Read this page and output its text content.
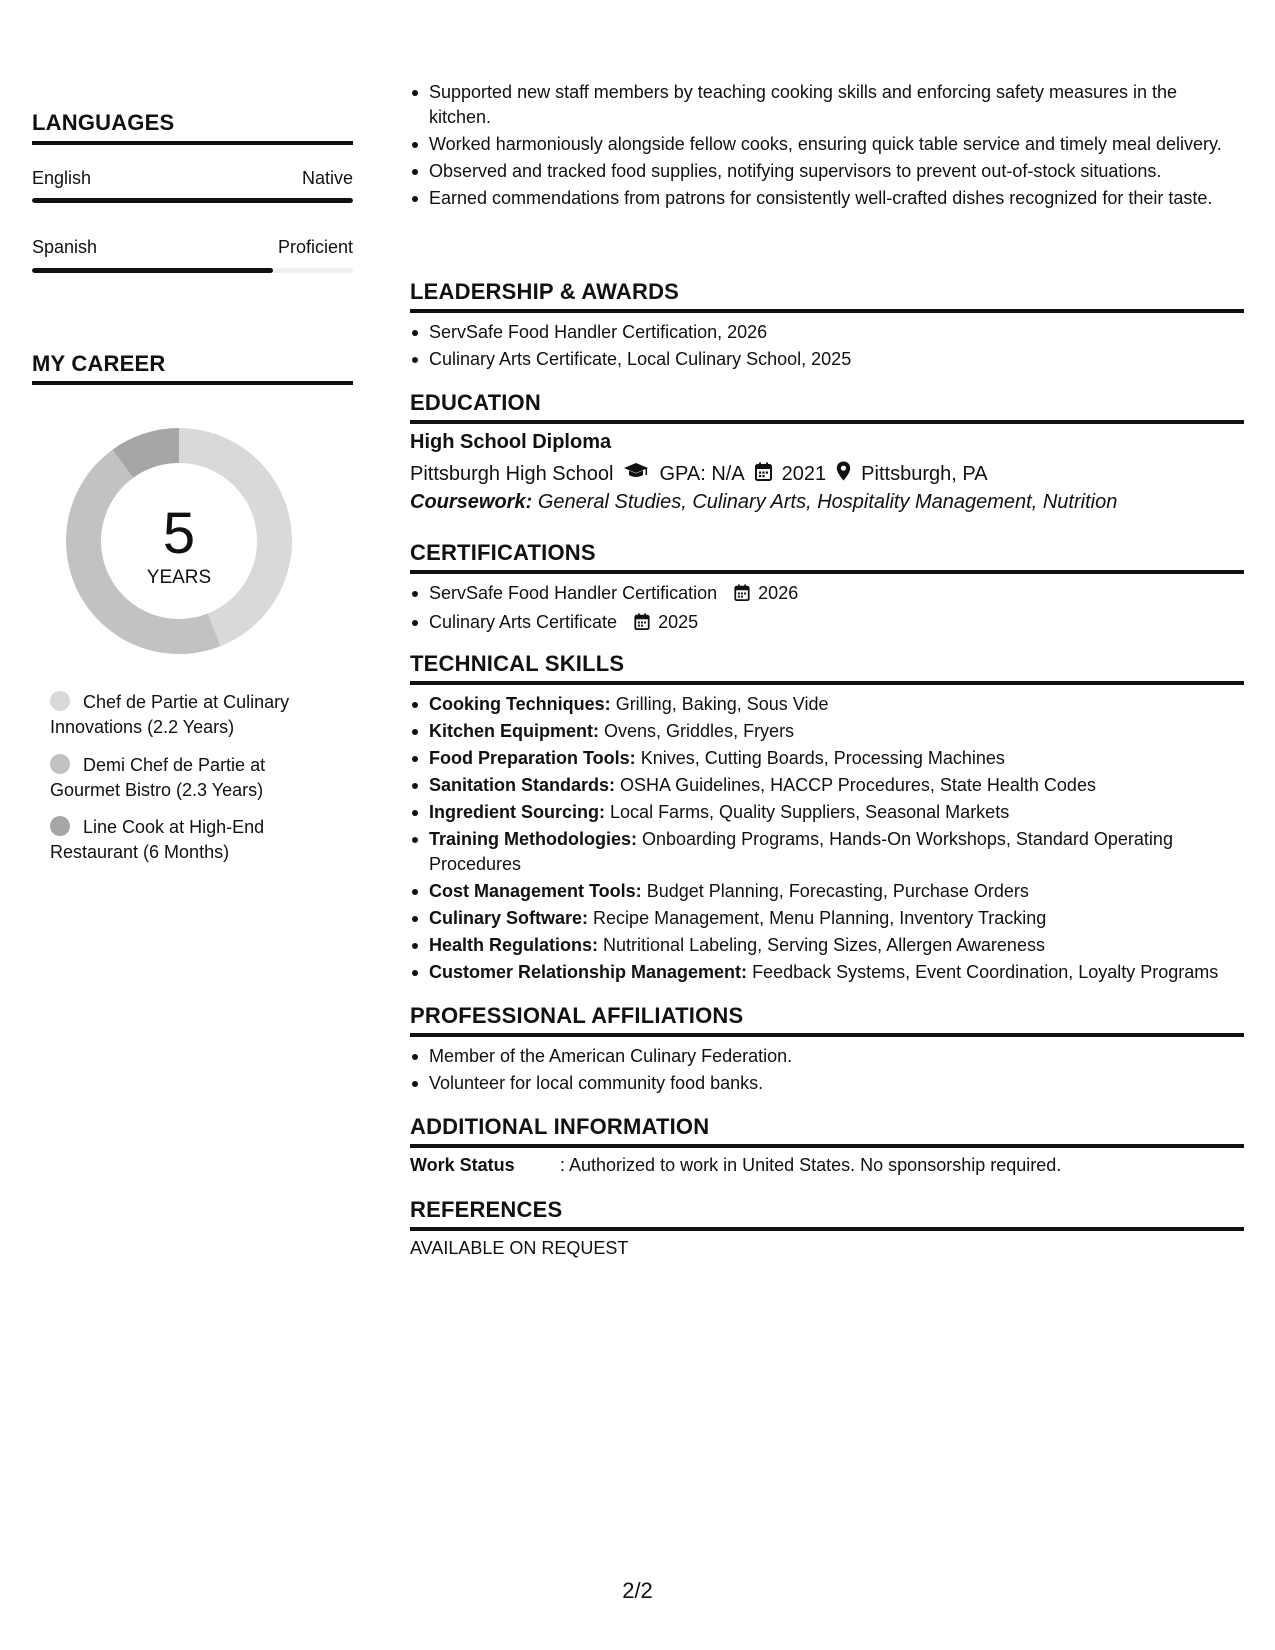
LANGUAGES
English	Native
Spanish	Proficient
MY CAREER
5
YEARS
Chef de Partie at Culinary Innovations (2.2 Years)
Demi Chef de Partie at Gourmet Bistro (2.3 Years)
Line Cook at High-End Restaurant (6 Months)
Supported new staff members by teaching cooking skills and enforcing safety measures in the kitchen.
Worked harmoniously alongside fellow cooks, ensuring quick table service and timely meal delivery.
Observed and tracked food supplies, notifying supervisors to prevent out-of-stock situations.
Earned commendations from patrons for consistently well-crafted dishes recognized for their taste.
LEADERSHIP & AWARDS
ServSafe Food Handler Certification, 2026
Culinary Arts Certificate, Local Culinary School, 2025
EDUCATION
High School Diploma
Pittsburgh High School GPA: N/A 2021 Pittsburgh, PA
Coursework: General Studies, Culinary Arts, Hospitality Management, Nutrition
CERTIFICATIONS
ServSafe Food Handler Certification 2026
Culinary Arts Certificate 2025
TECHNICAL SKILLS
Cooking Techniques: Grilling, Baking, Sous Vide
Kitchen Equipment: Ovens, Griddles, Fryers
Food Preparation Tools: Knives, Cutting Boards, Processing Machines
Sanitation Standards: OSHA Guidelines, HACCP Procedures, State Health Codes
Ingredient Sourcing: Local Farms, Quality Suppliers, Seasonal Markets
Training Methodologies: Onboarding Programs, Hands-On Workshops, Standard Operating Procedures
Cost Management Tools: Budget Planning, Forecasting, Purchase Orders
Culinary Software: Recipe Management, Menu Planning, Inventory Tracking
Health Regulations: Nutritional Labeling, Serving Sizes, Allergen Awareness
Customer Relationship Management: Feedback Systems, Event Coordination, Loyalty Programs
PROFESSIONAL AFFILIATIONS
Member of the American Culinary Federation.
Volunteer for local community food banks.
ADDITIONAL INFORMATION
Work Status	: Authorized to work in United States. No sponsorship required.
REFERENCES
AVAILABLE ON REQUEST
2/2
